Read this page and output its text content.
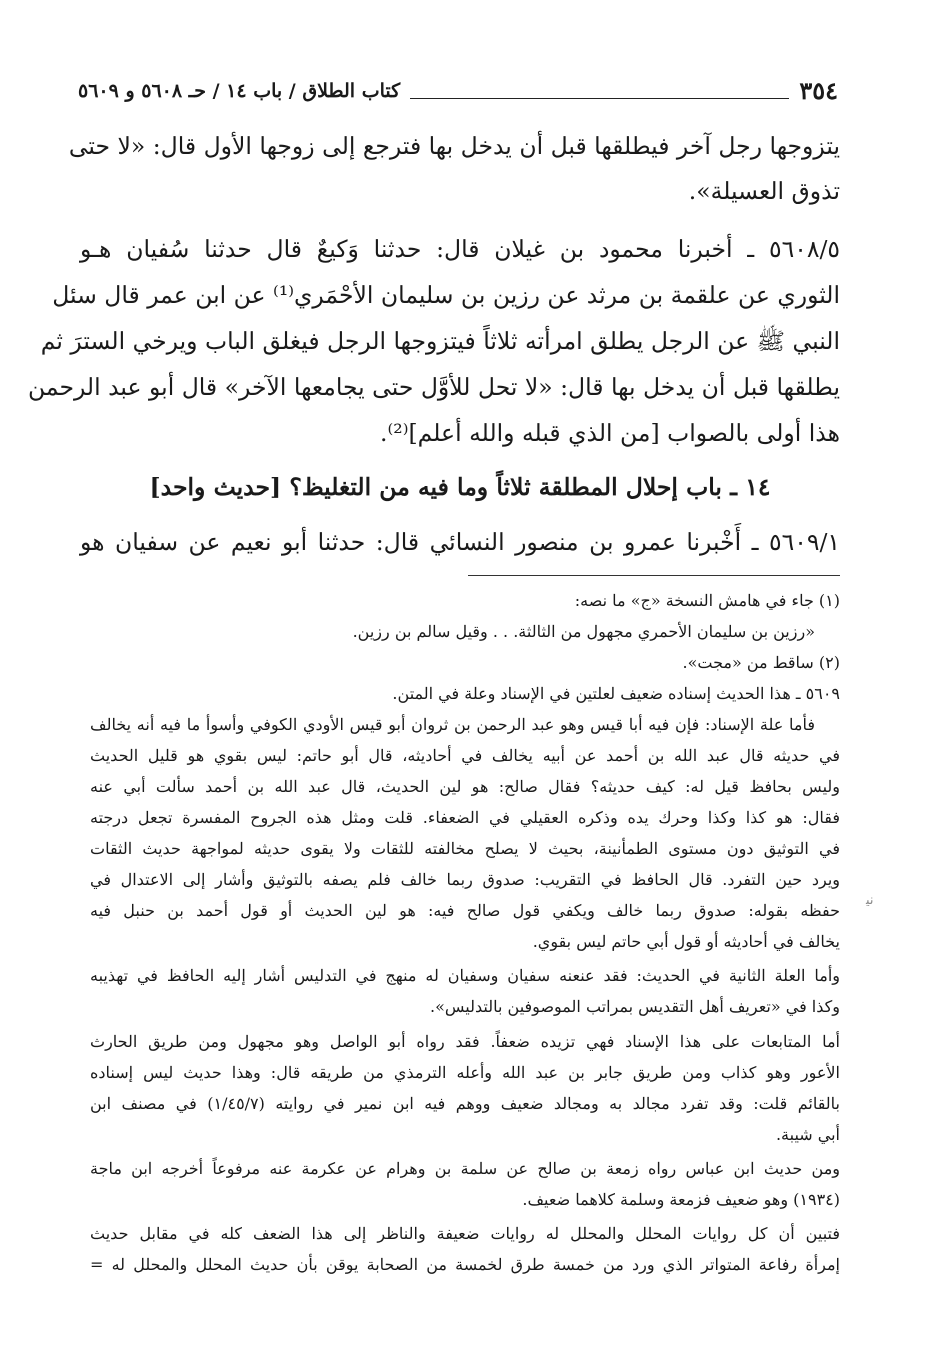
٣٥٤
كتاب الطلاق / باب ١٤ / حـ ٥٦٠٨ و ٥٦٠٩
يتزوجها رجل آخر فيطلقها قبل أن يدخل بها فترجع إلى زوجها الأول قال: «لا حتى
تذوق العسيلة».
٥٦٠٨/٥ ـ أخبرنا محمود بن غيلان قال: حدثنا وَكيعٌ قال حدثنا سُفيان هـو
الثوري عن علقمة بن مرثد عن رزين بن سليمان الأحْمَري⁽¹⁾ عن ابن عمر قال سئل
النبي ﷺ عن الرجل يطلق امرأته ثلاثاً فيتزوجها الرجل فيغلق الباب ويرخي السترَ ثم
يطلقها قبل أن يدخل بها قال: «لا تحل للأوَّل حتى يجامعها الآخر» قال أبو عبد الرحمن
هذا أولى بالصواب [من الذي قبله والله أعلم]⁽²⁾.
١٤ ـ باب إحلال المطلقة ثلاثاً وما فيه من التغليظ؟ [حديث واحد]
٥٦٠٩/١ ـ أَخْبرنا عمرو بن منصور النسائي قال: حدثنا أبو نعيم عن سفيان هو
(١) جاء في هامش النسخة «ج» ما نصه:
«رزين بن سليمان الأحمري مجهول من الثالثة. . . وقيل سالم بن رزين.
(٢) ساقط من «مجت».
٥٦٠٩ ـ هذا الحديث إسناده ضعيف لعلتين في الإسناد وعلة في المتن.
فأما علة الإسناد: فإن فيه أبا قيس وهو عبد الرحمن بن ثروان أبو قيس الأودي الكوفي وأسوأ ما فيه أنه يخالف
في حديثه قال عبد الله بن أحمد عن أبيه يخالف في أحاديثه، قال أبو حاتم: ليس بقوي هو قليل الحديث
وليس بحافظ قيل له: كيف حديثه؟ فقال صالح: هو لين الحديث، قال عبد الله بن أحمد سألت أبي عنه
فقال: هو كذا وكذا وحرك يده وذكره العقيلي في الضعفاء. قلت ومثل هذه الجروح المفسرة تجعل درجته
في التوثيق دون مستوى الطمأنينة، بحيث لا يصلح مخالفته للثقات ولا يقوى حديثه لمواجهة حديث الثقات
ويرد حين التفرد. قال الحافظ في التقريب: صدوق ربما خالف فلم يصفه بالتوثيق وأشار إلى الاعتدال في
حفظه بقوله: صدوق ربما خالف ويكفي قول صالح فيه: هو لين الحديث أو قول أحمد بن حنبل فيه
يخالف في أحاديثه أو قول أبي حاتم ليس بقوي.
وأما العلة الثانية في الحديث: فقد عنعنه سفيان وسفيان له منهج في التدليس أشار إليه الحافظ في تهذيبه
وكذا في «تعريف أهل التقديس بمراتب الموصوفين بالتدليس».
أما المتابعات على هذا الإسناد فهي تزيده ضعفاً. فقد رواه أبو الواصل وهو مجهول ومن طريق الحارث
الأعور وهو كذاب ومن طريق جابر بن عبد الله وأعله الترمذي من طريقه قال: وهذا حديث ليس إسناده
بالقائم قلت: وقد تفرد مجالد به ومجالد ضعيف ووهم فيه ابن نمير في روايته (١/٤٥/٧) في مصنف ابن
أبي شيبة.
ومن حديث ابن عباس رواه زمعة بن صالح عن سلمة بن وهرام عن عكرمة عنه مرفوعاً أخرجه ابن ماجة
(١٩٣٤) وهو ضعيف فزمعة وسلمة كلاهما ضعيف.
فتبين أن كل روايات المحلل والمحلل له روايات ضعيفة والناظر إلى هذا الضعف كله في مقابل حديث
إمرأة رفاعة المتواتر الذي ورد من خمسة طرق لخمسة من الصحابة يوقن بأن حديث المحلل والمحلل له =
ﻧﯿ
